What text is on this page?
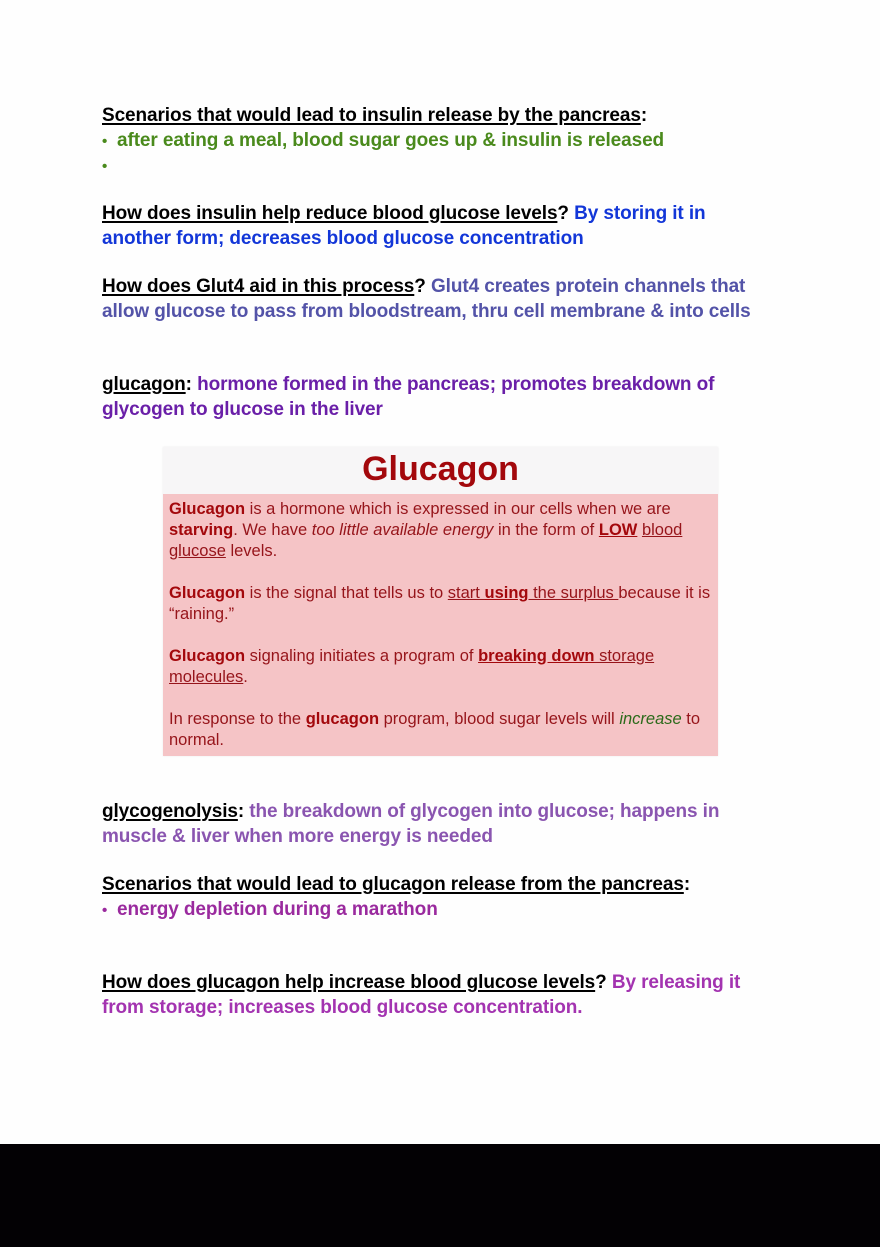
Scenarios that would lead to insulin release by the pancreas:
• after eating a meal, blood sugar goes up & insulin is released
•
How does insulin help reduce blood glucose levels? By storing it in another form; decreases blood glucose concentration
How does Glut4 aid in this process? Glut4 creates protein channels that allow glucose to pass from bloodstream, thru cell membrane & into cells
glucagon: hormone formed in the pancreas; promotes breakdown of glycogen to glucose in the liver
Glucagon
Glucagon is a hormone which is expressed in our cells when we are starving. We have too little available energy in the form of LOW blood glucose levels.
Glucagon is the signal that tells us to start using the surplus because it is “raining.”
Glucagon signaling initiates a program of breaking down storage molecules.
In response to the glucagon program, blood sugar levels will increase to normal.
glycogenolysis: the breakdown of glycogen into glucose; happens in muscle & liver when more energy is needed
Scenarios that would lead to glucagon release from the pancreas:
• energy depletion during a marathon
How does glucagon help increase blood glucose levels? By releasing it from storage; increases blood glucose concentration.
